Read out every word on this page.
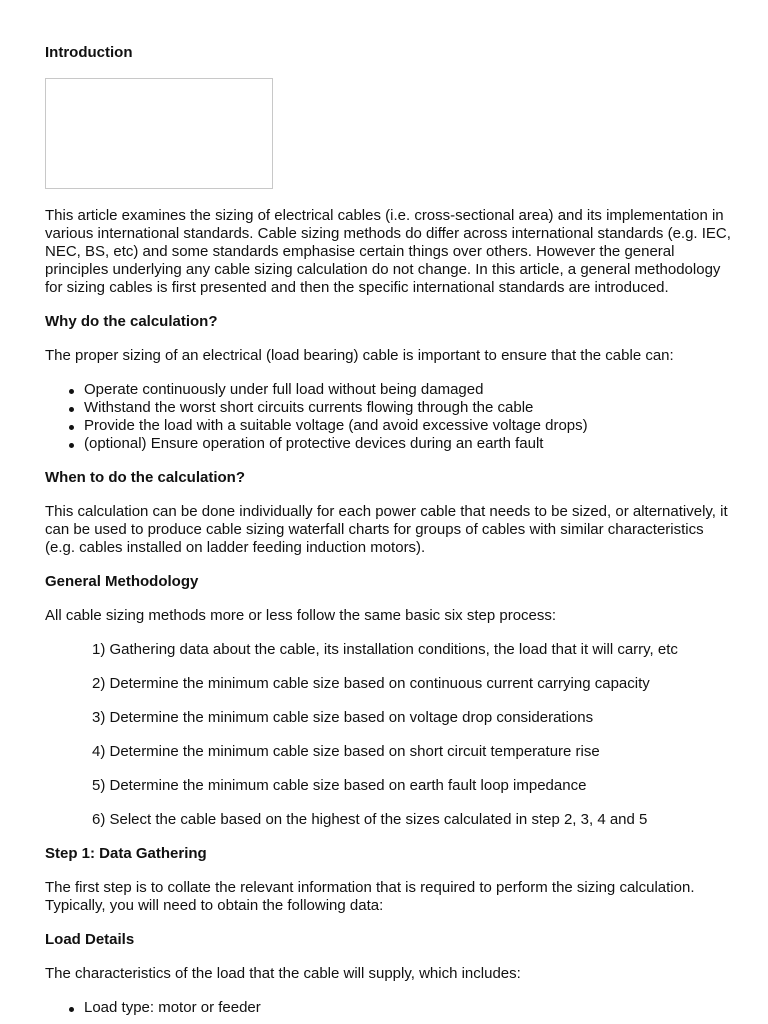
Introduction

This article examines the sizing of electrical cables (i.e. cross-sectional area) and its implementation in various international standards. Cable sizing methods do differ across international standards (e.g. IEC, NEC, BS, etc) and some standards emphasise certain things over others. However the general principles underlying any cable sizing calculation do not change. In this article, a general methodology for sizing cables is first presented and then the specific international standards are introduced.

Why do the calculation?

The proper sizing of an electrical (load bearing) cable is important to ensure that the cable can:

Operate continuously under full load without being damaged
Withstand the worst short circuits currents flowing through the cable
Provide the load with a suitable voltage (and avoid excessive voltage drops)
(optional) Ensure operation of protective devices during an earth fault
When to do the calculation?

This calculation can be done individually for each power cable that needs to be sized, or alternatively, it can be used to produce cable sizing waterfall charts for groups of cables with similar characteristics (e.g. cables installed on ladder feeding induction motors).

General Methodology

All cable sizing methods more or less follow the same basic six step process:

1) Gathering data about the cable, its installation conditions, the load that it will carry, etc

2) Determine the minimum cable size based on continuous current carrying capacity

3) Determine the minimum cable size based on voltage drop considerations

4) Determine the minimum cable size based on short circuit temperature rise

5) Determine the minimum cable size based on earth fault loop impedance

6) Select the cable based on the highest of the sizes calculated in step 2, 3, 4 and 5

Step 1: Data Gathering

The first step is to collate the relevant information that is required to perform the sizing calculation. Typically, you will need to obtain the following data:

Load Details

The characteristics of the load that the cable will supply, which includes:

Load type: motor or feeder
